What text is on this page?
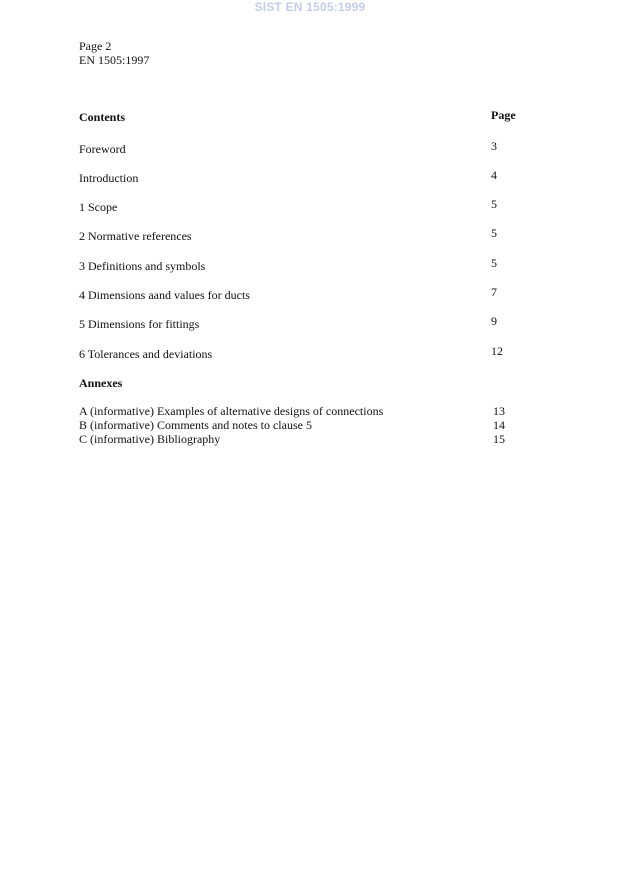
SIST EN 1505:1999
Page 2
EN 1505:1997
Contents	Page
Foreword	3
Introduction	4
1 Scope	5
2 Normative references	5
3 Definitions and symbols	5
4 Dimensions aand values for ducts	7
5 Dimensions for fittings	9
6 Tolerances and deviations	12
Annexes
A (informative) Examples of alternative designs of connections	13
B (informative) Comments and notes to clause 5	14
C (informative) Bibliography	15
